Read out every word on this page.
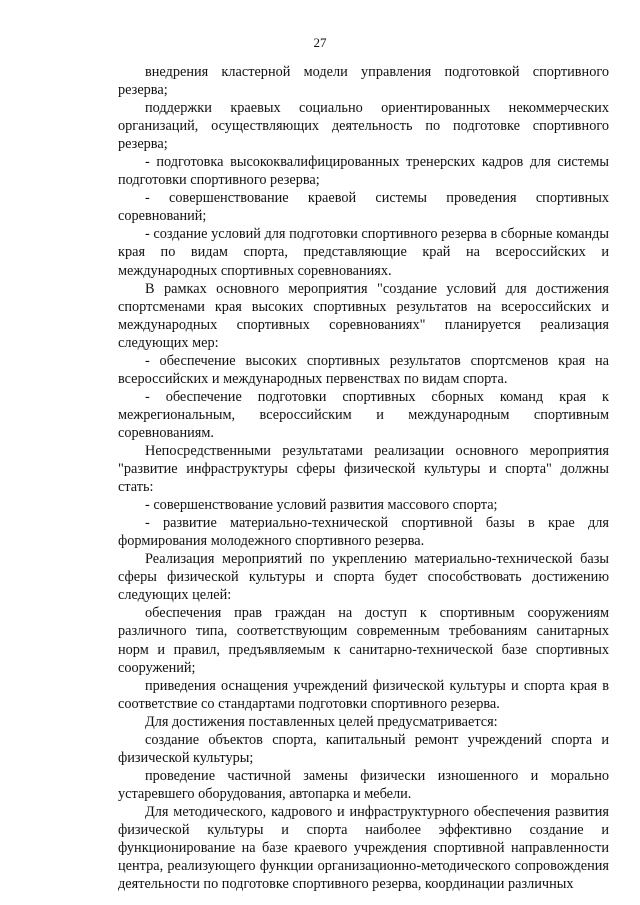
27

внедрения кластерной модели управления подготовкой спортивного резерва;

поддержки краевых социально ориентированных некоммерческих организаций, осуществляющих деятельность по подготовке спортивного резерва;

- подготовка высококвалифицированных тренерских кадров для системы подготовки спортивного резерва;

- совершенствование краевой системы проведения спортивных соревнований;

- создание условий для подготовки спортивного резерва в сборные команды края по видам спорта, представляющие край на всероссийских и международных спортивных соревнованиях.

В рамках основного мероприятия "создание условий для достижения спортсменами края высоких спортивных результатов на всероссийских и международных спортивных соревнованиях" планируется реализация следующих мер:

- обеспечение высоких спортивных результатов спортсменов края на всероссийских и международных первенствах по видам спорта.

- обеспечение подготовки спортивных сборных команд края к межрегиональным, всероссийским и международным спортивным соревнованиям.

Непосредственными результатами реализации основного мероприятия "развитие инфраструктуры сферы физической культуры и спорта" должны стать:

- совершенствование условий развития массового спорта;

- развитие материально-технической спортивной базы в крае для формирования молодежного спортивного резерва.

Реализация мероприятий по укреплению материально-технической базы сферы физической культуры и спорта будет способствовать достижению следующих целей:

обеспечения прав граждан на доступ к спортивным сооружениям различного типа, соответствующим современным требованиям санитарных норм и правил, предъявляемым к санитарно-технической базе спортивных сооружений;

приведения оснащения учреждений физической культуры и спорта края в соответствие со стандартами подготовки спортивного резерва.

Для достижения поставленных целей предусматривается:

создание объектов спорта, капитальный ремонт учреждений спорта и физической культуры;

проведение частичной замены физически изношенного и морально устаревшего оборудования, автопарка и мебели.

Для методического, кадрового и инфраструктурного обеспечения развития физической культуры и спорта наиболее эффективно создание и функционирование на базе краевого учреждения спортивной направленности центра, реализующего функции организационно-методического сопровождения деятельности по подготовке спортивного резерва, координации различных
